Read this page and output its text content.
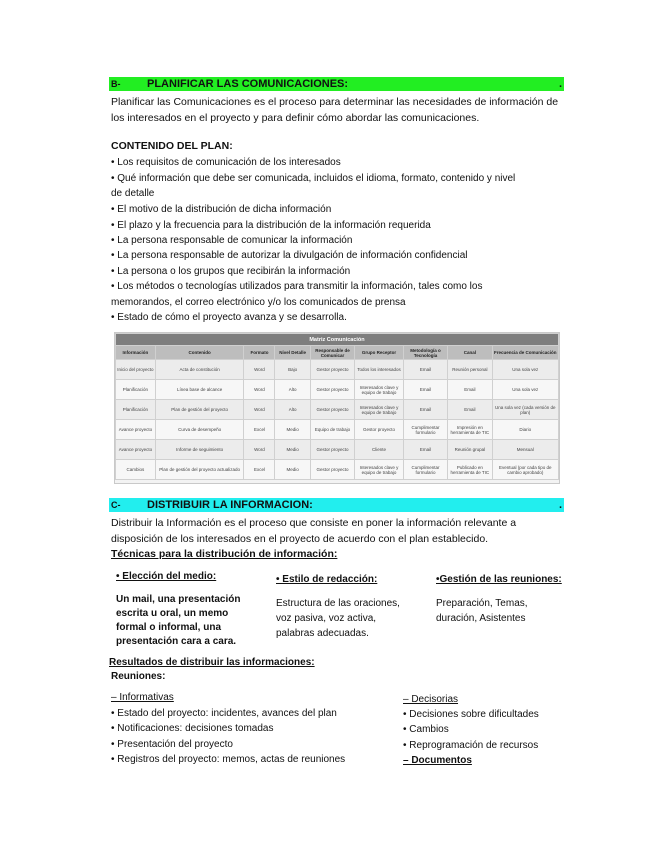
B- PLANIFICAR LAS COMUNICACIONES:	.
Planificar las Comunicaciones es el proceso para determinar las necesidades de información de
los interesados en el proyecto y para definir cómo abordar las comunicaciones.
CONTENIDO DEL PLAN:
• Los requisitos de comunicación de los interesados
• Qué información que debe ser comunicada, incluidos el idioma, formato, contenido y nivel
de detalle
• El motivo de la distribución de dicha información
• El plazo y la frecuencia para la distribución de la información requerida
• La persona responsable de comunicar la información
• La persona responsable de autorizar la divulgación de información confidencial
• La persona o los grupos que recibirán la información
• Los métodos o tecnologías utilizados para transmitir la información, tales como los
memorandos, el correo electrónico y/o los comunicados de prensa
• Estado de cómo el proyecto avanza y se desarrolla.
Matriz Comunicación								
Información	Contenido	Formato	Nivel Detalle	Responsable de Comunicar	Grupo Receptor	Metodología o Tecnología	Canal	Frecuencia de Comunicación
Inicio del proyecto	Acta de constitución	Word	Bajo	Gestor proyecto	Todos los interesados	Email	Reunión personal	Una sola vez
Planificación	Línea base de alcance	Word	Alto	Gestor proyecto	Interesados clave y equipo de trabajo	Email	Email	Una sola vez
Planificación	Plan de gestión del proyecto	Word	Alto	Gestor proyecto	Interesados clave y equipo de trabajo	Email	Email	Una sola vez (cada versión de plan)
Avance proyecto	Curva de desempeño	Excel	Medio	Equipo de trabajo	Gestor proyecto	Cumplimentar formulario	Impresión en herramienta de TIC	Diario
Avance proyecto	Informe de seguimiento	Word	Medio	Gestor proyecto	Cliente	Email	Reunión grupal	Mensual
Cambios	Plan de gestión del proyecto actualizado	Excel	Medio	Gestor proyecto	Interesados clave y equipo de trabajo	Cumplimentar formulario	Publicado en herramienta de TIC	Eventual (por cada tipo de cambio aprobado)
C- DISTRIBUIR LA INFORMACION:	.
Distribuir la Información es el proceso que consiste en poner la información relevante a
disposición de los interesados en el proyecto de acuerdo con el plan establecido.
Técnicas para la distribución de información:
• Elección del medio:
Un mail, una presentación
escrita u oral, un memo
formal o informal, una
presentación cara a cara.
• Estilo de redacción:
Estructura de las oraciones,
voz pasiva, voz activa,
palabras adecuadas.
•Gestión de las reuniones:
Preparación, Temas,
duración, Asistentes
Resultados de distribuir las informaciones:
Reuniones:
– Informativas
• Estado del proyecto: incidentes, avances del plan
• Notificaciones: decisiones tomadas
• Presentación del proyecto
• Registros del proyecto: memos, actas de reuniones
– Decisorias
• Decisiones sobre dificultades
• Cambios
• Reprogramación de recursos
– Documentos
